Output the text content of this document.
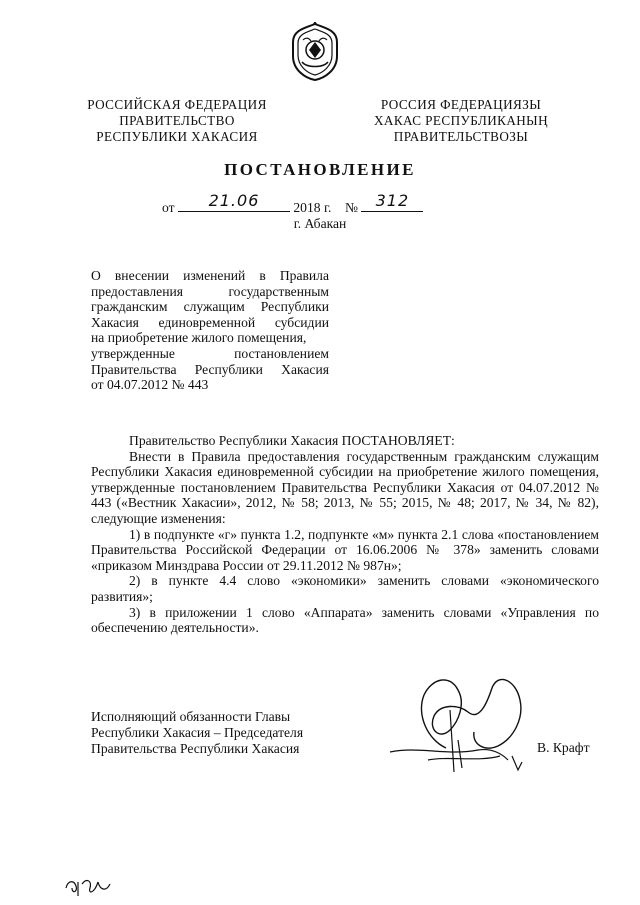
РОССИЙСКАЯ ФЕДЕРАЦИЯ
ПРАВИТЕЛЬСТВО
РЕСПУБЛИКИ ХАКАСИЯ
РОССИЯ ФЕДЕРАЦИЯЗЫ
ХАКАС РЕСПУБЛИКАНЫҢ
ПРАВИТЕЛЬСТВОЗЫ
ПОСТАНОВЛЕНИЕ
от	21.06	2018 г. №	312
г. Абакан
О внесении изменений в Правила
предоставления государственным
гражданским служащим Республики
Хакасия единовременной субсидии
на приобретение жилого помещения,
утвержденные постановлением
Правительства Республики Хакасия
от 04.07.2012 № 443

Правительство Республики Хакасия ПОСТАНОВЛЯЕТ:

Внести в Правила предоставления государственным гражданским служащим Республики Хакасия единовременной субсидии на приобретение жилого помещения, утвержденные постановлением Правительства Республики Хакасия от 04.07.2012 № 443 («Вестник Хакасии», 2012, № 58; 2013, № 55; 2015, № 48; 2017, № 34, № 82), следующие изменения:

1) в подпункте «г» пункта 1.2, подпункте «м» пункта 2.1 слова «постановлением Правительства Российской Федерации от 16.06.2006 № 378» заменить словами «приказом Минздрава России от 29.11.2012 № 987н»;

2) в пункте 4.4 слово «экономики» заменить словами «экономического развития»;

3) в приложении 1 слово «Аппарата» заменить словами «Управления по обеспечению деятельности».

Исполняющий обязанности Главы
Республики Хакасия – Председателя
Правительства Республики Хакасия	В. Крафт
